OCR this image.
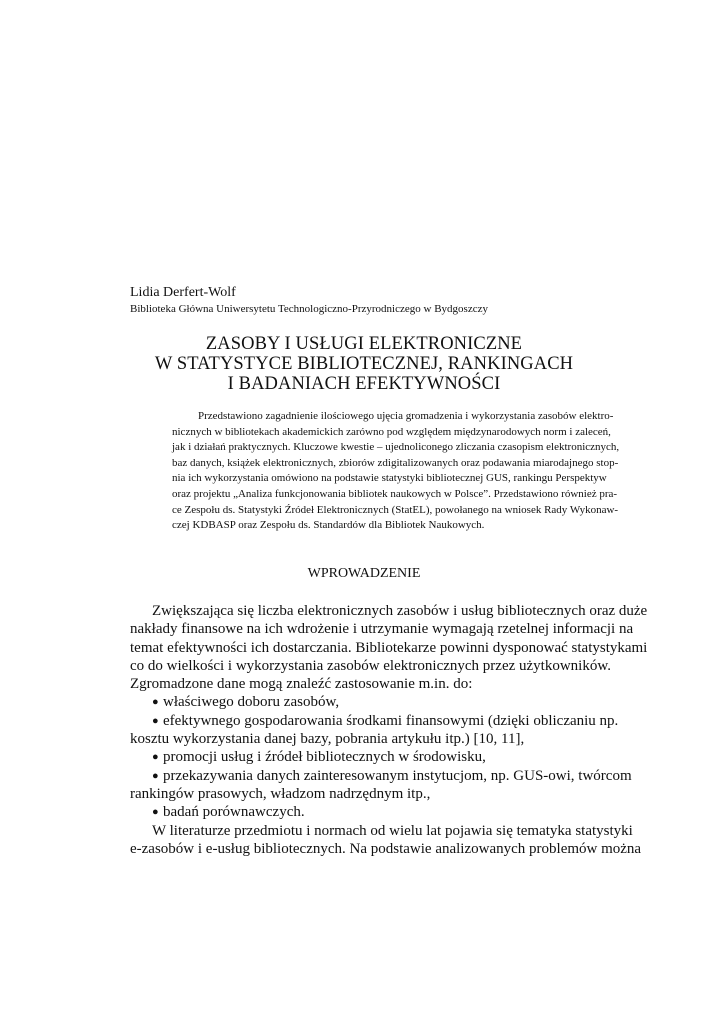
Lidia Derfert-Wolf
Biblioteka Główna Uniwersytetu Technologiczno-Przyrodniczego w Bydgoszczy
ZASOBY I USŁUGI ELEKTRONICZNE
W STATYSTYCE BIBLIOTECZNEJ, RANKINGACH
I BADANIACH EFEKTYWNOŚCI
Przedstawiono zagadnienie ilościowego ujęcia gromadzenia i wykorzystania zasobów elektro-
nicznych w bibliotekach akademickich zarówno pod względem międzynarodowych norm i zaleceń,
jak i działań praktycznych. Kluczowe kwestie – ujednoliconego zliczania czasopism elektronicznych,
baz danych, książek elektronicznych, zbiorów zdigitalizowanych oraz podawania miarodajnego stop-
nia ich wykorzystania omówiono na podstawie statystyki bibliotecznej GUS, rankingu Perspektyw
oraz projektu „Analiza funkcjonowania bibliotek naukowych w Polsce”. Przedstawiono również pra-
ce Zespołu ds. Statystyki Źródeł Elektronicznych (StatEL), powołanego na wniosek Rady Wykonaw-
czej KDBASP oraz Zespołu ds. Standardów dla Bibliotek Naukowych.
WPROWADZENIE
Zwiększająca się liczba elektronicznych zasobów i usług bibliotecznych oraz duże
nakłady finansowe na ich wdrożenie i utrzymanie wymagają rzetelnej informacji na
temat efektywności ich dostarczania. Bibliotekarze powinni dysponować statystykami
co do wielkości i wykorzystania zasobów elektronicznych przez użytkowników.
Zgromadzone dane mogą znaleźć zastosowanie m.in. do:
● właściwego doboru zasobów,
● efektywnego gospodarowania środkami finansowymi (dzięki obliczaniu np.
kosztu wykorzystania danej bazy, pobrania artykułu itp.) [10, 11],
● promocji usług i źródeł bibliotecznych w środowisku,
● przekazywania danych zainteresowanym instytucjom, np. GUS-owi, twórcom
rankingów prasowych, władzom nadrzędnym itp.,
● badań porównawczych.
W literaturze przedmiotu i normach od wielu lat pojawia się tematyka statystyki
e-zasobów i e-usług bibliotecznych. Na podstawie analizowanych problemów można
